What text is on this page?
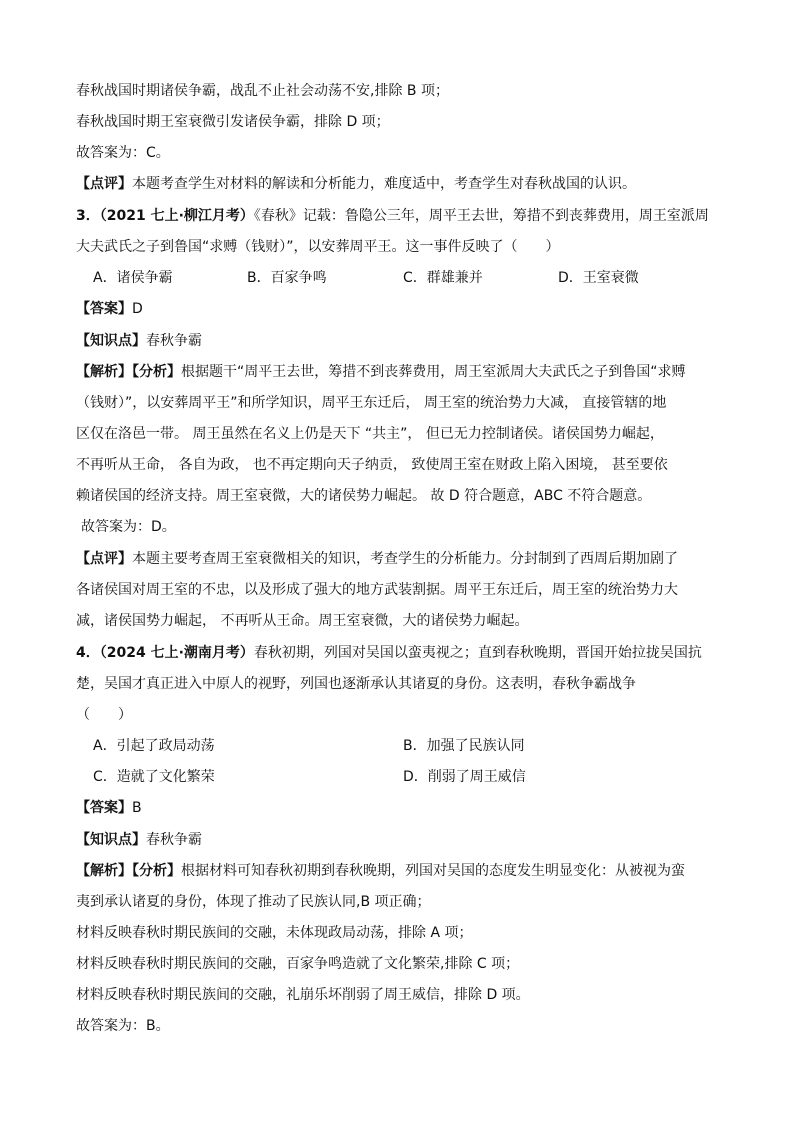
春秋战国时期诸侯争霸，战乱不止社会动荡不安,排除 B 项；
春秋战国时期王室衰微引发诸侯争霸，排除 D 项；
故答案为：C。
【点评】本题考查学生对材料的解读和分析能力，难度适中，考查学生对春秋战国的认识。
3．（2021 七上·柳江月考）《春秋》记载：鲁隐公三年，周平王去世，筹措不到丧葬费用，周王室派周
大夫武氏之子到鲁国“求赙（钱财）”，以安葬周平王。这一事件反映了（　　）
A．诸侯争霸	B．百家争鸣	C．群雄兼并	D．王室衰微
【答案】D
【知识点】春秋争霸
【解析】【分析】根据题干“周平王去世，筹措不到丧葬费用，周王室派周大夫武氏之子到鲁国“求赙
（钱财）”，以安葬周平王”和所学知识，周平王东迁后， 周王室的统治势力大减， 直接管辖的地
区仅在洛邑一带。 周王虽然在名义上仍是天下 “共主”， 但已无力控制诸侯。诸侯国势力崛起，
不再听从王命， 各自为政， 也不再定期向天子纳贡， 致使周王室在财政上陷入困境， 甚至要依
赖诸侯国的经济支持。周王室衰微，大的诸侯势力崛起。 故 D 符合题意，ABC 不符合题意。
故答案为：D。
【点评】本题主要考查周王室衰微相关的知识，考查学生的分析能力。分封制到了西周后期加剧了
各诸侯国对周王室的不忠，以及形成了强大的地方武装割据。周平王东迁后，周王室的统治势力大
减，诸侯国势力崛起， 不再听从王命。周王室衰微，大的诸侯势力崛起。
4．（2024 七上·潮南月考）春秋初期，列国对吴国以蛮夷视之；直到春秋晚期，晋国开始拉拢吴国抗
楚，吴国才真正进入中原人的视野，列国也逐渐承认其诸夏的身份。这表明，春秋争霸战争
（　　）
A．引起了政局动荡	B．加强了民族认同
C．造就了文化繁荣	D．削弱了周王威信
【答案】B
【知识点】春秋争霸
【解析】【分析】根据材料可知春秋初期到春秋晚期，列国对吴国的态度发生明显变化：从被视为蛮
夷到承认诸夏的身份，体现了推动了民族认同,B 项正确；
材料反映春秋时期民族间的交融，未体现政局动荡，排除 A 项；
材料反映春秋时期民族间的交融，百家争鸣造就了文化繁荣,排除 C 项；
材料反映春秋时期民族间的交融，礼崩乐坏削弱了周王威信，排除 D 项。
故答案为：B。
